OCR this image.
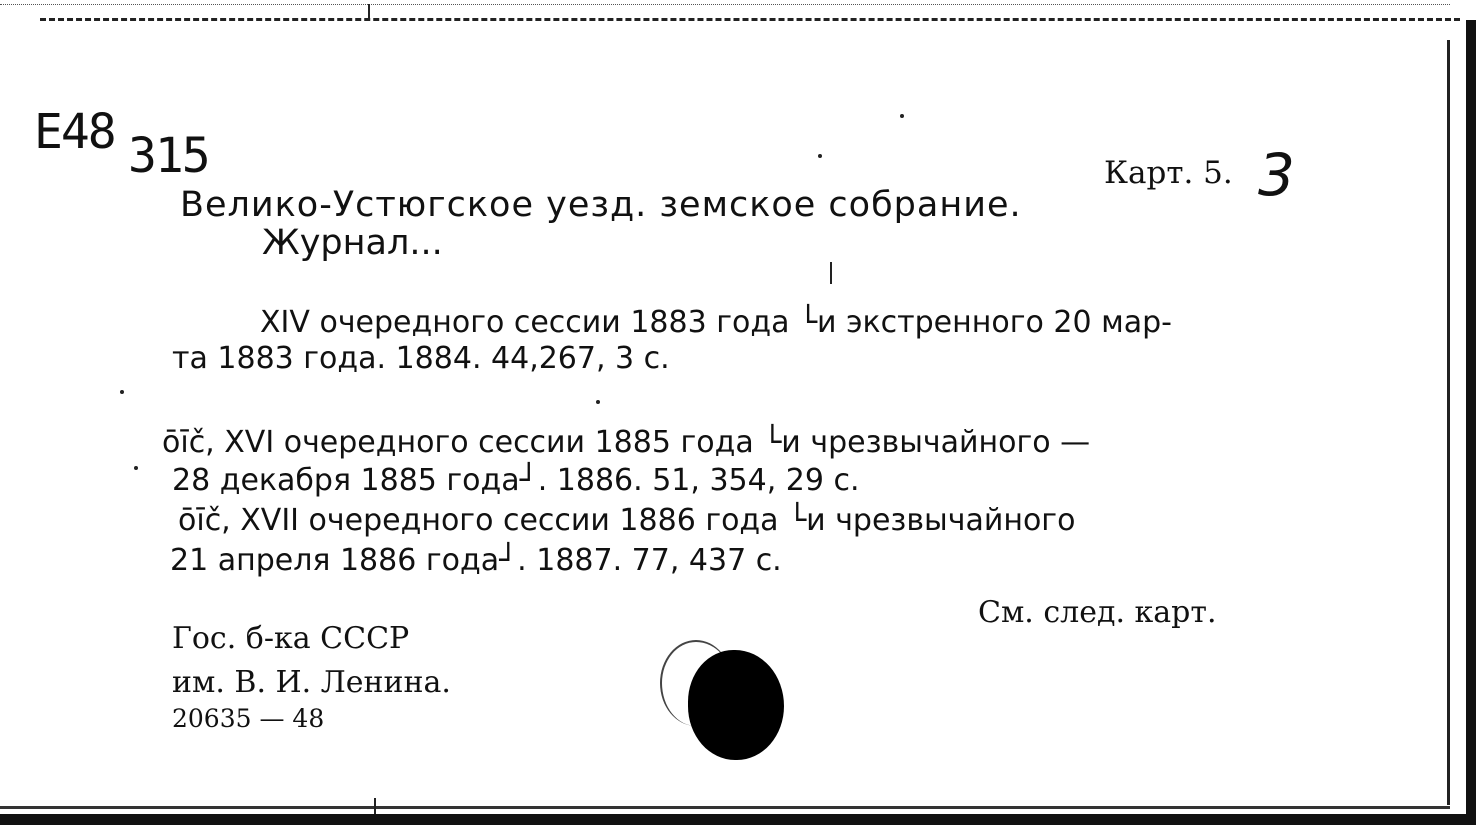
E48 315	Карт. 5. 3
Велико-Устюгское уезд. земское собрание.
Журнал...
XIV очередного сессии 1883 года └и экстренного 20 мар-
та 1883 года. 1884. 44,267, 3 с.
ōīč, XVI очередного сессии 1885 года └и чрезвычайного —
28 декабря 1885 года┘. 1886. 51, 354, 29 с.
ōīč, XVII очередного сессии 1886 года └и чрезвычайного
21 апреля 1886 года┘. 1887. 77, 437 с.
См. след. карт.
Гос. б-ка СССР
им. В. И. Ленина.
20635 — 48
